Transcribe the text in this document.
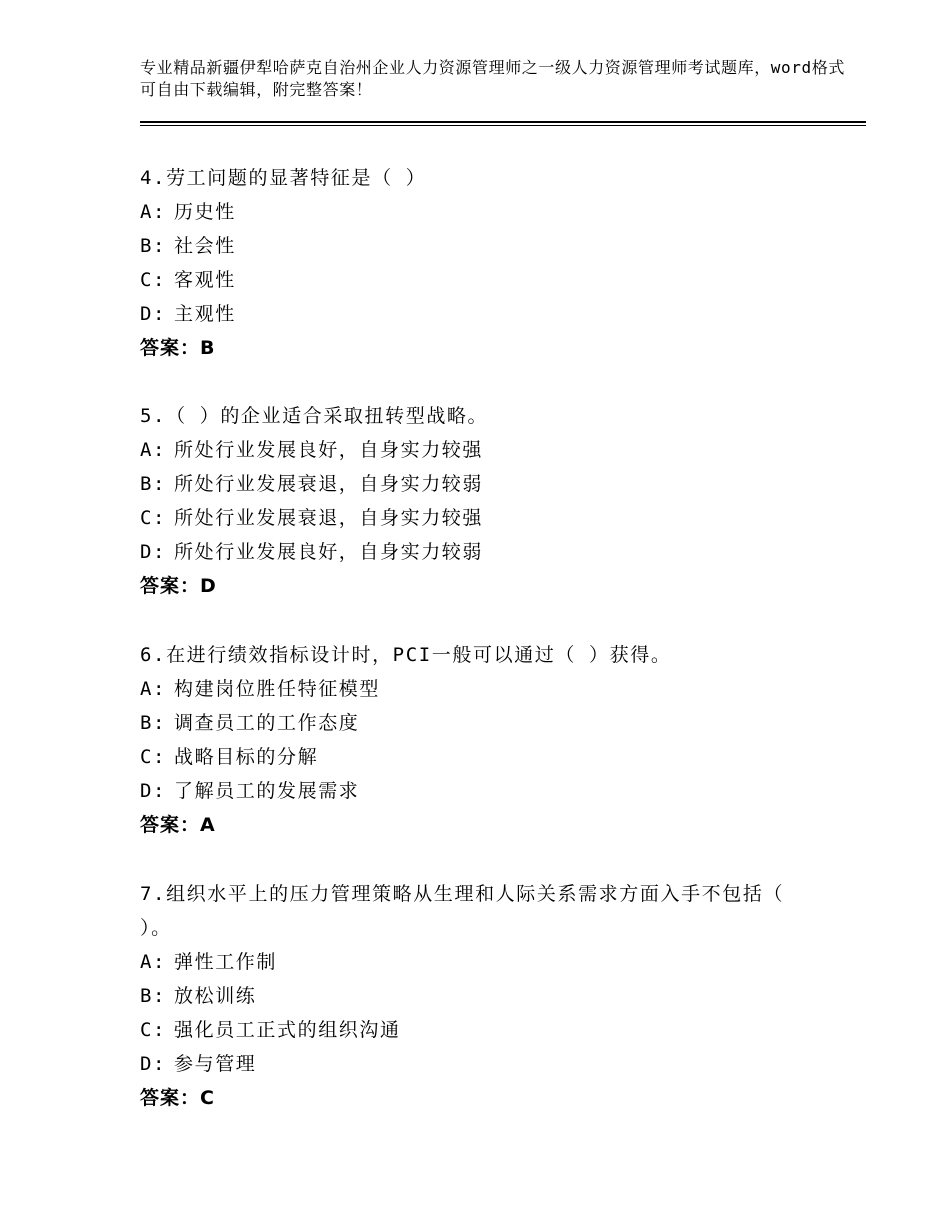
专业精品新疆伊犁哈萨克自治州企业人力资源管理师之一级人力资源管理师考试题库，word格式可自由下载编辑，附完整答案！
4.劳工问题的显著特征是（ ）
A: 历史性
B: 社会性
C: 客观性
D: 主观性
答案：B
5.（ ）的企业适合采取扭转型战略。
A: 所处行业发展良好，自身实力较强
B: 所处行业发展衰退，自身实力较弱
C: 所处行业发展衰退，自身实力较强
D: 所处行业发展良好，自身实力较弱
答案：D
6.在进行绩效指标设计时，PCI一般可以通过（ ）获得。
A: 构建岗位胜任特征模型
B: 调查员工的工作态度
C: 战略目标的分解
D: 了解员工的发展需求
答案：A
7.组织水平上的压力管理策略从生理和人际关系需求方面入手不包括（ ）。
A: 弹性工作制
B: 放松训练
C: 强化员工正式的组织沟通
D: 参与管理
答案：C
